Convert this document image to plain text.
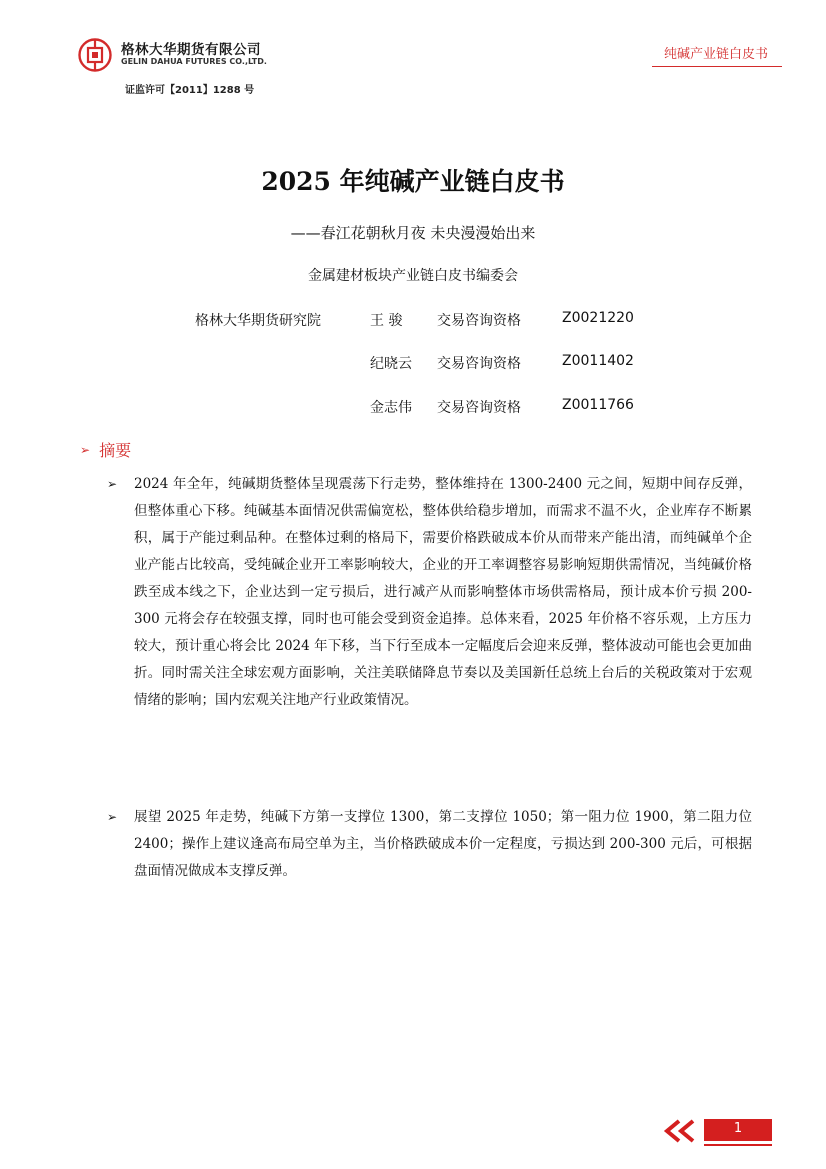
格林大华期货有限公司
GELIN DAHUA FUTURES CO.,LTD.
证监许可【2011】1288 号
纯碱产业链白皮书
2025 年纯碱产业链白皮书
——春江花朝秋月夜 未央漫漫始出来
金属建材板块产业链白皮书编委会
格林大华期货研究院	王 骏 交易咨询资格	Z0021220
纪晓云 交易咨询资格	Z0011402
金志伟 交易咨询资格	Z0011766
➢ 摘要
➢ 2024 年全年，纯碱期货整体呈现震荡下行走势，整体维持在 1300-2400 元之间，短期中间存反弹，但整体重心下移。纯碱基本面情况供需偏宽松，整体供给稳步增加，而需求不温不火，企业库存不断累积，属于产能过剩品种。在整体过剩的格局下，需要价格跌破成本价从而带来产能出清，而纯碱单个企业产能占比较高，受纯碱企业开工率影响较大，企业的开工率调整容易影响短期供需情况，当纯碱价格跌至成本线之下，企业达到一定亏损后，进行减产从而影响整体市场供需格局，预计成本价亏损 200-300 元将会存在较强支撑，同时也可能会受到资金追捧。总体来看，2025 年价格不容乐观，上方压力较大，预计重心将会比 2024 年下移，当下行至成本一定幅度后会迎来反弹，整体波动可能也会更加曲折。同时需关注全球宏观方面影响，关注美联储降息节奏以及美国新任总统上台后的关税政策对于宏观情绪的影响；国内宏观关注地产行业政策情况。
➢ 展望 2025 年走势，纯碱下方第一支撑位 1300，第二支撑位 1050；第一阻力位 1900，第二阻力位 2400；操作上建议逢高布局空单为主，当价格跌破成本价一定程度，亏损达到 200-300 元后，可根据盘面情况做成本支撑反弹。
1
